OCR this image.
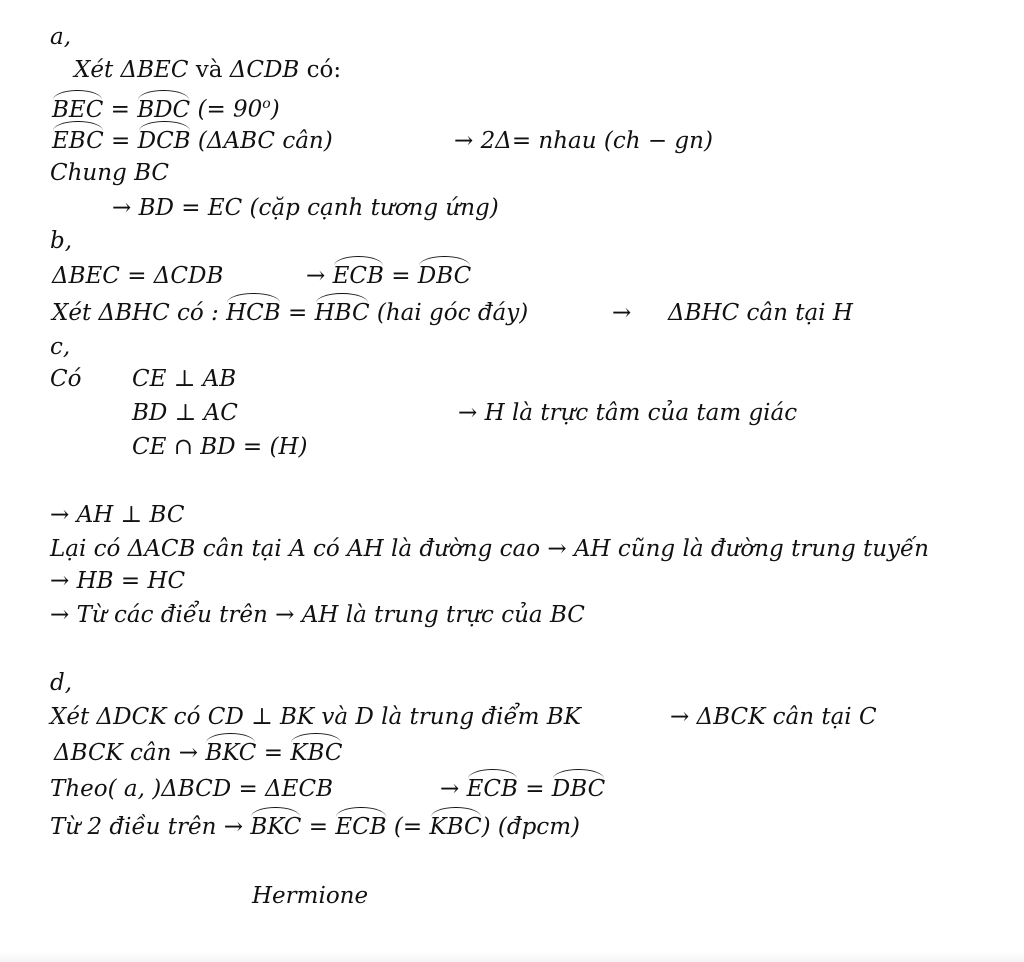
a,
Xét ΔBEC và ΔCDB có:
BEC = BDC (= $90^o$)
EBC = DCB (ΔABC cân)	→ 2Δ= nhau (ch − gn)
Chung BC
→ BD = EC (cặp cạnh tương ứng)
b,
ΔBEC = ΔCDB	→ ECB = DBC
Xét ΔBHC có : HCB = HBC (hai góc đáy)	→ ΔBHC cân tại H
c,
Có CE ⊥ AB
BD ⊥ AC	→ H là trực tâm của tam giác
CE ∩ BD = (H)
→ AH ⊥ BC
Lại có ΔACB cân tại A có AH là đường cao → AH cũng là đường trung tuyến
→ HB = HC
→ Từ các điểu trên → AH là trung trực của BC
d,
Xét ΔDCK có CD ⊥ BK và D là trung điểm BK	→ ΔBCK cân tại C
ΔBCK cân → BKC = KBC
Theo( a, )ΔBCD = ΔECB	→ ECB = DBC
Từ 2 điều trên → BKC = ECB (= KBC) (đpcm)
Hermione
